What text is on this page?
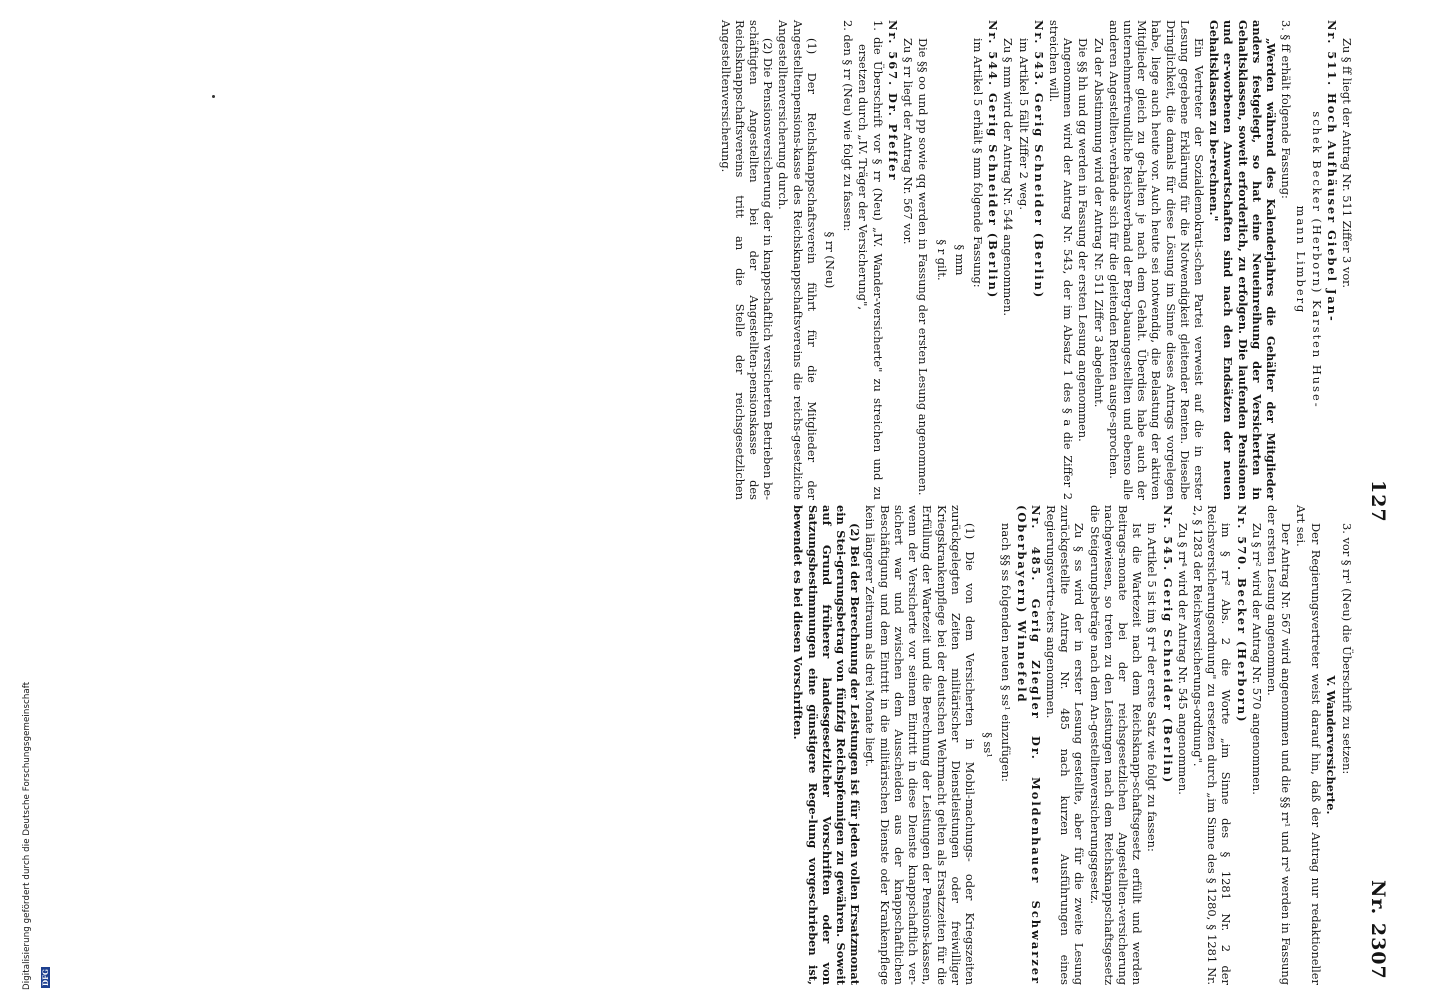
127
Nr. 2307

Zu § ff liegt der Antrag Nr. 511 Ziffer 3 vor.

Nr. 511. Hoch Aufhäuser Giebel Jan-

schek Becker (Herborn) Karsten Huse-

mann Limberg

3. § ff erhält folgende Fassung:

„Werden während des Kalenderjahres die Gehälter der Mitglieder anders festgelegt, so hat eine Neueinreihung der Versicherten in Gehaltsklassen, soweit erforderlich, zu erfolgen. Die laufenden Pensionen und er-worbenen Anwartschaften sind nach den Endsätzen der neuen Gehaltsklassen zu be-rechnen."

Ein Vertreter der Sozialdemokrati-schen Partei verweist auf die in erster Lesung gegebene Erklärung für die Notwendigkeit gleitender Renten. Dieselbe Dringlichkeit, die damals für diese Lösung im Sinne dieses Antrags vorgelegen habe, liege auch heute vor. Auch heute sei notwendig, die Belastung der aktiven Mitglieder gleich zu ge-halten je nach dem Gehalt. Überdies habe auch der unternehmerfreundliche Reichsverband der Berg-bauangestellten und ebenso alle anderen Angestellten-verbände sich für die gleitenden Renten ausge-sprochen.

Zu der Abstimmung wird der Antrag Nr. 511 Ziffer 3 abgelehnt.

Die §§ hh und gg werden in Fassung der ersten Lesung angenommen.

Angenommen wird der Antrag Nr. 543, der im Absatz 1 des § a die Ziffer 2 streichen will.

Nr. 543. Gerig Schneider (Berlin)

im Artikel 5 fällt Ziffer 2 weg.

Zu § mm wird der Antrag Nr. 544 angenommen.

Nr. 544. Gerig Schneider (Berlin)

im Artikel 5 erhält § mm folgende Fassung:

§ mm

§ r gilt.

Die §§ oo und pp sowie qq werden in Fassung der ersten Lesung angenommen.

Zu § rr liegt der Antrag Nr. 567 vor.

Nr. 567. Dr. Pfeffer

1. die Überschrift vor § rr (Neu) „IV. Wander-versicherte" zu streichen und zu ersetzen durch „IV. Träger der Versicherung",

2. den § rr (Neu) wie folgt zu fassen:

§ rr (Neu)

(1) Der Reichsknappschaftsverein führt für die Mitglieder der Angestelltenpensions-kasse des Reichsknappschaftsvereins die reichs-gesetzliche Angestelltenversicherung durch.

(2) Die Pensionsversicherung der in knappschaftlich versicherten Betrieben be-schäftigten Angestellten bei der Angestellten-pensionskasse des Reichsknappschaftsvereins tritt an die Stelle der reichsgesetzlichen Angestelltenversicherung.

3. vor § rr¹ (Neu) die Überschrift zu setzen:

V. Wanderversicherte.

Der Regierungsvertreter weist darauf hin, daß der Antrag nur redaktioneller Art sei.

Der Antrag Nr. 567 wird angenommen und die §§ rr¹ und rr³ werden in Fassung der ersten Lesung angenommen.

Zu § rr² wird der Antrag Nr. 570 angenommen.

Nr. 570. Becker (Herborn)

im § rr² Abs. 2 die Worte „im Sinne des § 1281 Nr. 2 der Reichsversicherungsordnung" zu ersetzen durch „im Sinne des § 1280, § 1281 Nr. 2, § 1283 der Reichsversicherungs-ordnung".

Zu § rr⁴ wird der Antrag Nr. 545 angenommen.

Nr. 545. Gerig Schneider (Berlin)

in Artikel 5 ist im § rr⁴ der erste Satz wie folgt zu fassen:

Ist die Wartezeit nach dem Reichsknapp-schaftsgesetz erfüllt und werden Beitrags-monate bei der reichsgesetzlichen Angestellten-versicherung nachgewiesen, so treten zu den Leistungen nach dem Reichsknappschaftsgesetz die Steigerungsbeträge nach dem An-gestelltenversicherungsgesetz.

Zu § ss wird der in erster Lesung gestellte, aber für die zweite Lesung zurückgestellte Antrag Nr. 485 nach kurzen Ausführungen eines Regierungsvertre-ters angenommen.

Nr. 485. Gerig Ziegler Dr. Moldenhauer Schwarzer (Oberbayern) Winnefeld

nach §§ ss folgenden neuen § ss¹ einzufügen:

§ ss¹

(1) Die von dem Versicherten in Mobil-machungs- oder Kriegszeiten zurückgelegten Zeiten militärischer Dienstleistungen oder freiwilliger Kriegskrankenpflege bei der deutschen Wehrmacht gelten als Ersatzzeiten für die Erfüllung der Wartezeit und die Berechnung der Leistungen der Pensions-kassen, wenn der Versicherte vor seinem Eintritt in diese Dienste knappschaftlich ver-sichert war und zwischen dem Ausscheiden aus der knappschaftlichen Beschäftigung und dem Eintritt in die militärischen Dienste oder Krankenpflege kein längerer Zeitraum als drei Monate liegt.

(2) Bei der Berechnung der Leistungen ist für jeden vollen Ersatzmonat ein Stei-gerungsbetrag von fünfzig Reichspfennigen zu gewähren. Soweit auf Grund früherer landesgesetzlicher Vorschriften oder von Satzungsbestimmungen eine günstigere Rege-lung vorgeschrieben ist, bewendet es bei diesen Vorschriften.

Digitalisierung gefördert durch die Deutsche Forschungsgemeinschaft DFG
